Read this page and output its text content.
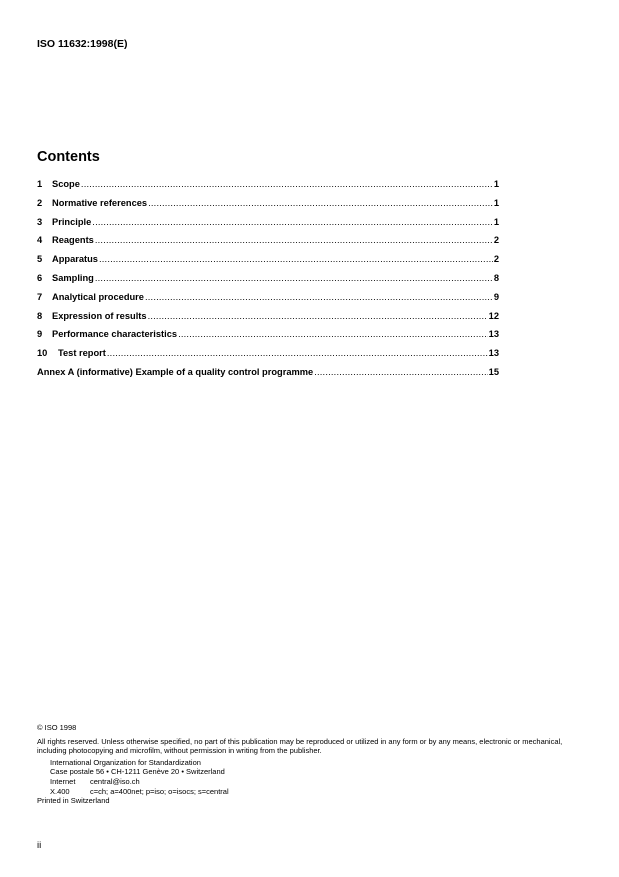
ISO 11632:1998(E)
Contents
1	Scope .....	1
2	Normative references .....	1
3	Principle .....	1
4	Reagents .....	2
5	Apparatus .....	2
6	Sampling .....	8
7	Analytical procedure .....	9
8	Expression of results .....	12
9	Performance characteristics .....	13
10	Test report .....	13
Annex A (informative) Example of a quality control programme .....	15

© ISO 1998

All rights reserved. Unless otherwise specified, no part of this publication may be reproduced or utilized in any form or by any means, electronic or mechanical, including photocopying and microfilm, without permission in writing from the publisher.

International Organization for Standardization

Case postale 56 • CH-1211 Genève 20 • Switzerland

Internet	central@iso.ch
X.400	c=ch; a=400net; p=iso; o=isocs; s=central

Printed in Switzerland

ii
